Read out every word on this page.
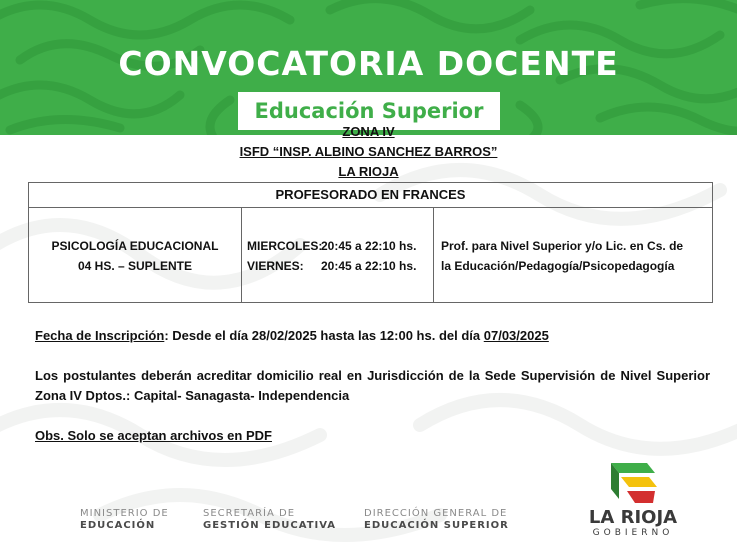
CONVOCATORIA DOCENTE
Educación Superior
ZONA IV
ISFD “INSP. ALBINO SANCHEZ BARROS”
LA RIOJA
PROFESORADO EN FRANCES
PSICOLOGÍA EDUCACIONAL
04 HS. – SUPLENTE
MIERCOLES:20:45 a 22:10 hs.
VIERNES: 20:45 a 22:10 hs.
Prof. para Nivel Superior y/o Lic. en Cs. de
la Educación/Pedagogía/Psicopedagogía
Fecha de Inscripción: Desde el día 28/02/2025 hasta las 12:00 hs. del día 07/03/2025
Los postulantes deberán acreditar domicilio real en Jurisdicción de la Sede Supervisión de Nivel Superior Zona IV Dptos.: Capital- Sanagasta- Independencia
Obs. Solo se aceptan archivos en PDF
MINISTERIO DE
EDUCACIÓN
SECRETARÍA DE
GESTIÓN EDUCATIVA
DIRECCIÓN GENERAL DE
EDUCACIÓN SUPERIOR	LA RIOJA
GOBIERNO
